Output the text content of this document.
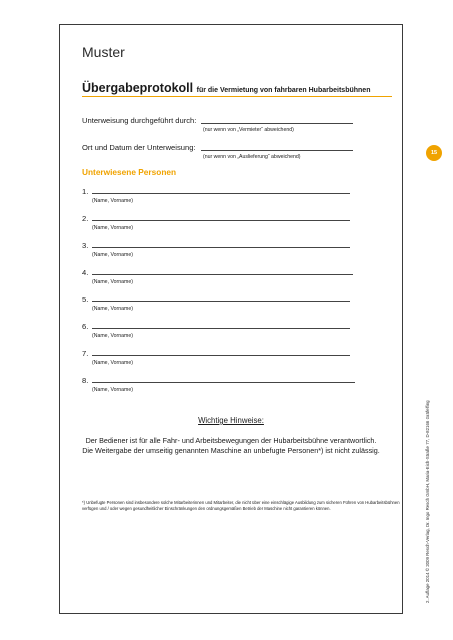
Muster
Übergabeprotokoll für die Vermietung von fahrbaren Hubarbeitsbühnen
Unterweisung durchgeführt durch:
(nur wenn von „Vermieter“ abweichend)
Ort und Datum der Unterweisung:
(nur wenn von „Auslieferung“ abweichend)
15
Unterwiesene Personen
1.
(Name, Vorname)
2.
(Name, Vorname)
3.
(Name, Vorname)
4.
(Name, Vorname)
5.
(Name, Vorname)
6.
(Name, Vorname)
7.
(Name, Vorname)
8.
(Name, Vorname)
Wichtige Hinweise:
Der Bediener ist für alle Fahr- und Arbeitsbewegungen der Hubarbeitsbühne verantwortlich.
Die Weitergabe der umseitig genannten Maschine an unbefugte Personen*) ist nicht zulässig.
*) Unbefugte Personen sind insbesondere solche Mitarbeiterinnen und Mitarbeiter, die nicht über eine einschlägige Ausbildung zum sicheren Führen von Hubarbeitsbühnen verfügen und / oder wegen gesundheitlicher Einschränkungen den ordnungsgemäßen Betrieb der Maschine nicht garantieren können.	2. Auflage 2014 © 2009 Resch-Verlag, Dr. Ingo Resch GmbH, Maria-Eich-Straße 77, D-82166 Gräfelfing
